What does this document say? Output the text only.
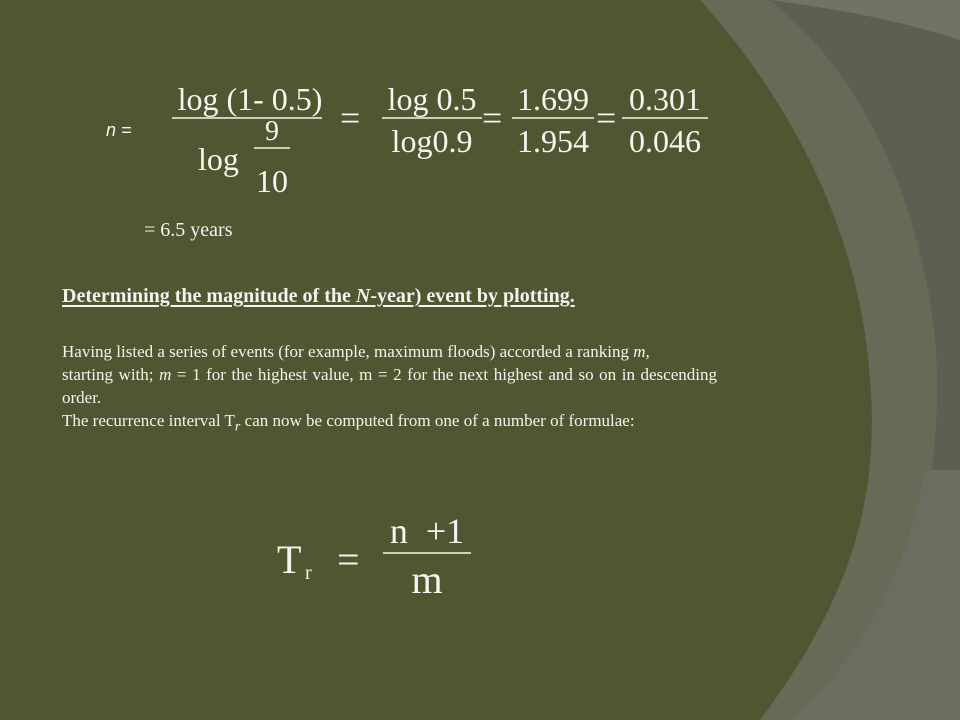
n =
log (1- 0.5)
log
9
10
= log 0.5
log0.9
= 1.699
1.954
= 0.301
0.046
= 6.5 years
Determining the magnitude of the N-year) event by plotting.

Having listed a series of events (for example, maximum floods) accorded a ranking m,

starting with; m = 1 for the highest value, m = 2 for the next highest and so on in descending order.

The recurrence interval $T_r$ can now be computed from one of a number of formulae:

T r =
n  +1
m
